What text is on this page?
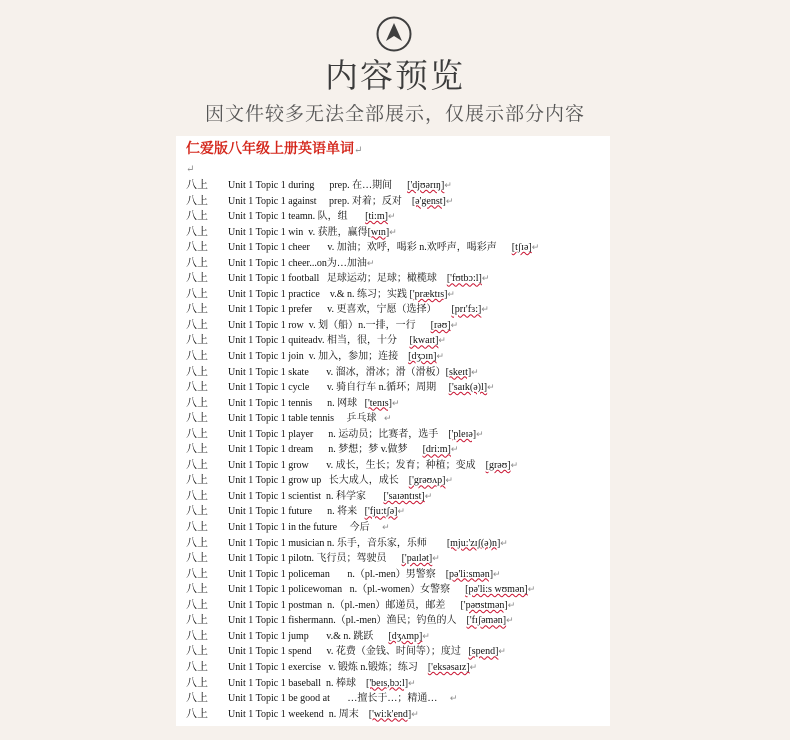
内容预览
因文件较多无法全部展示，仅展示部分内容
仁爱版八年级上册英语单词↵
↵
八上 Unit 1 Topic 1 during      prep. 在…期间      ['djʊərɪŋ]↵
八上 Unit 1 Topic 1 against     prep. 对着；反对    [ə'genst]↵
八上 Unit 1 Topic 1 teamn. 队，组       [ti:m]↵
八上 Unit 1 Topic 1 win  v. 获胜，赢得[wɪn]↵
八上 Unit 1 Topic 1 cheer       v. 加油；欢呼，喝彩 n.欢呼声，喝彩声      [tʃɪə]↵
八上 Unit 1 Topic 1 cheer...on为…加油↵
八上 Unit 1 Topic 1 football   足球运动；足球；橄榄球    ['fʊtbɔ:l]↵
八上 Unit 1 Topic 1 practice    v.& n. 练习；实践 ['præktɪs]↵
八上 Unit 1 Topic 1 prefer      v. 更喜欢，宁愿（选择）      [prɪ'fɜ:]↵
八上 Unit 1 Topic 1 row  v. 划（船）n.一排，一行      [rəʊ]↵
八上 Unit 1 Topic 1 quiteadv. 相当，很，十分     [kwaɪt]↵
八上 Unit 1 Topic 1 join  v. 加入，参加；连接    [dʒɔɪn]↵
八上 Unit 1 Topic 1 skate       v. 溜冰，滑冰；滑（滑板）[skeɪt]↵
八上 Unit 1 Topic 1 cycle       v. 骑自行车 n.循环；周期     ['saɪk(ə)l]↵
八上 Unit 1 Topic 1 tennis      n. 网球   ['tenɪs]↵
八上 Unit 1 Topic 1 table tennis     乒乓球   ↵
八上 Unit 1 Topic 1 player      n. 运动员；比赛者，选手    ['pleɪə]↵
八上 Unit 1 Topic 1 dream      n. 梦想；梦 v.做梦      [dri:m]↵
八上 Unit 1 Topic 1 grow       v. 成长，生长；发育；种植；变成    [grəʊ]↵
八上 Unit 1 Topic 1 grow up   长大成人，成长    ['grəʊʌp]↵
八上 Unit 1 Topic 1 scientist  n. 科学家       ['saɪəntɪst]↵
八上 Unit 1 Topic 1 future      n. 将来   ['fju:tʃə]↵
八上 Unit 1 Topic 1 in the future     今后     ↵
八上 Unit 1 Topic 1 musician n. 乐手，音乐家，乐师        [mju:'zɪʃ(ə)n]↵
八上 Unit 1 Topic 1 pilotn. 飞行员；驾驶员      ['paɪlət]↵
八上 Unit 1 Topic 1 policeman       n.（pl.-men）男警察    [pə'li:smən]↵
八上 Unit 1 Topic 1 policewoman   n.（pl.-women）女警察      [pə'li:s wʊmən]↵
八上 Unit 1 Topic 1 postman  n.（pl.-men）邮递员，邮差      ['pəʊstmən]↵
八上 Unit 1 Topic 1 fishermann.（pl.-men）渔民；钓鱼的人    ['fɪʃəmən]↵
八上 Unit 1 Topic 1 jump       v.& n. 跳跃      [dʒʌmp]↵
八上 Unit 1 Topic 1 spend      v. 花费（金钱、时间等）；度过   [spend]↵
八上 Unit 1 Topic 1 exercise   v. 锻炼 n.锻炼；练习    ['eksəsaɪz]↵
八上 Unit 1 Topic 1 baseball  n. 棒球    ['beɪs,bɔ:l]↵
八上 Unit 1 Topic 1 be good at       …擅长于…；精通…     ↵
八上 Unit 1 Topic 1 weekend  n. 周末    ['wi:k'end]↵
